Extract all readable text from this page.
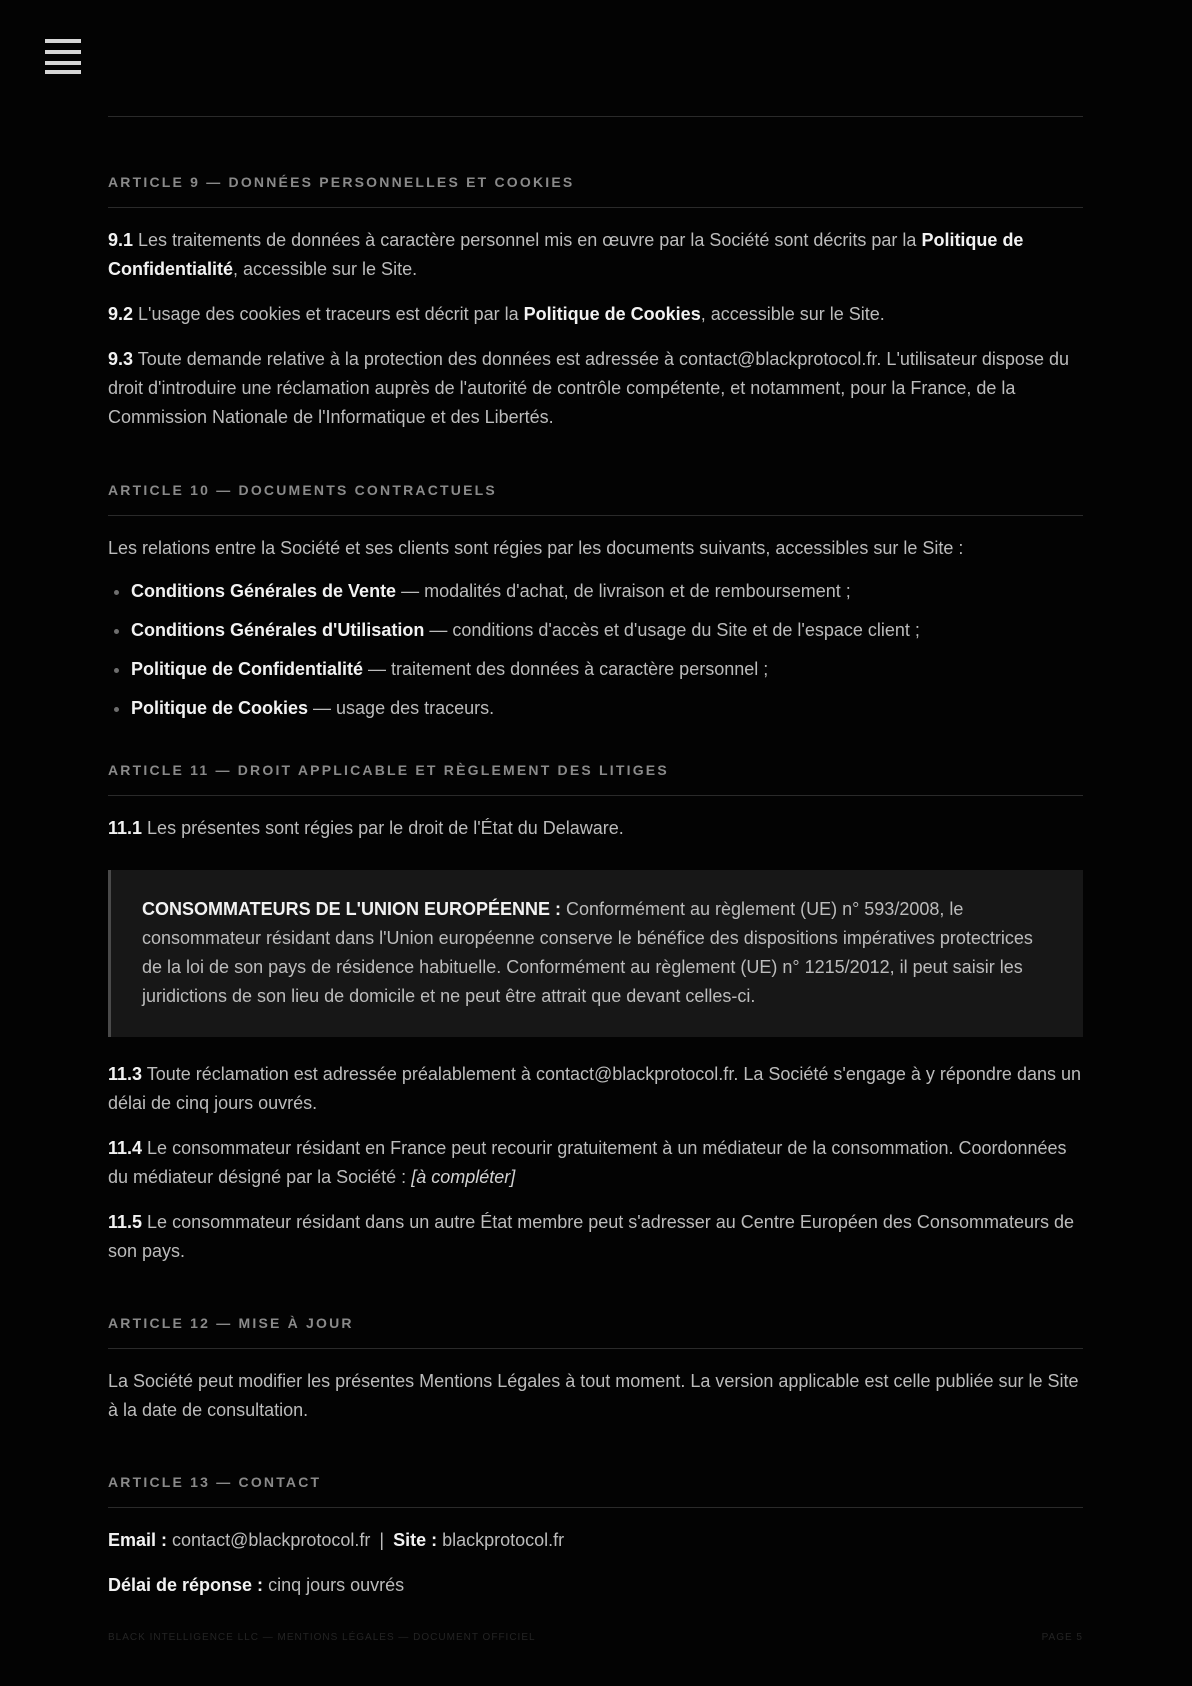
ARTICLE 9 — DONNÉES PERSONNELLES ET COOKIES

9.1 Les traitements de données à caractère personnel mis en œuvre par la Société sont décrits par la Politique de Confidentialité, accessible sur le Site.

9.2 L'usage des cookies et traceurs est décrit par la Politique de Cookies, accessible sur le Site.

9.3 Toute demande relative à la protection des données est adressée à contact@blackprotocol.fr. L'utilisateur dispose du droit d'introduire une réclamation auprès de l'autorité de contrôle compétente, et notamment, pour la France, de la Commission Nationale de l'Informatique et des Libertés.

ARTICLE 10 — DOCUMENTS CONTRACTUELS

Les relations entre la Société et ses clients sont régies par les documents suivants, accessibles sur le Site :

Conditions Générales de Vente — modalités d'achat, de livraison et de remboursement ;
Conditions Générales d'Utilisation — conditions d'accès et d'usage du Site et de l'espace client ;
Politique de Confidentialité — traitement des données à caractère personnel ;
Politique de Cookies — usage des traceurs.
ARTICLE 11 — DROIT APPLICABLE ET RÈGLEMENT DES LITIGES

11.1 Les présentes sont régies par le droit de l'État du Delaware.

CONSOMMATEURS DE L'UNION EUROPÉENNE : Conformément au règlement (UE) n° 593/2008, le consommateur résidant dans l'Union européenne conserve le bénéfice des dispositions impératives protectrices de la loi de son pays de résidence habituelle. Conformément au règlement (UE) n° 1215/2012, il peut saisir les juridictions de son lieu de domicile et ne peut être attrait que devant celles-ci.

11.3 Toute réclamation est adressée préalablement à contact@blackprotocol.fr. La Société s'engage à y répondre dans un délai de cinq jours ouvrés.

11.4 Le consommateur résidant en France peut recourir gratuitement à un médiateur de la consommation. Coordonnées du médiateur désigné par la Société : [à compléter]

11.5 Le consommateur résidant dans un autre État membre peut s'adresser au Centre Européen des Consommateurs de son pays.

ARTICLE 12 — MISE À JOUR

La Société peut modifier les présentes Mentions Légales à tout moment. La version applicable est celle publiée sur le Site à la date de consultation.

ARTICLE 13 — CONTACT

Email : contact@blackprotocol.fr | Site : blackprotocol.fr

Délai de réponse : cinq jours ouvrés

BLACK INTELLIGENCE LLC — MENTIONS LÉGALES — DOCUMENT OFFICIEL	PAGE 5
